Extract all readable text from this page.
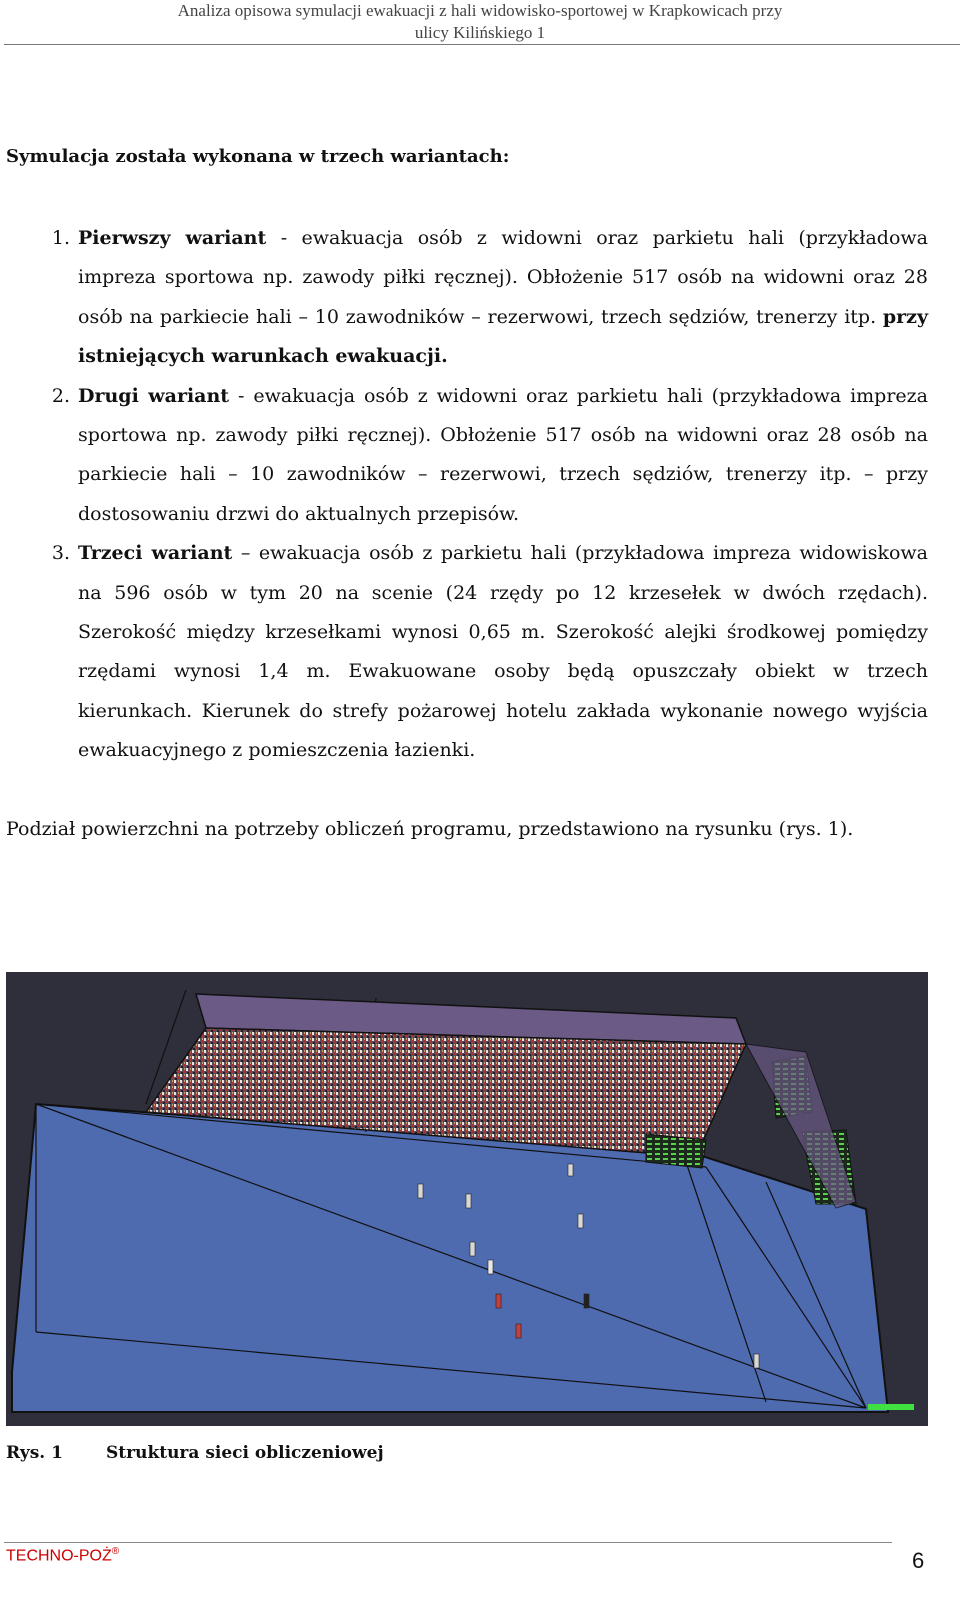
Analiza opisowa symulacji ewakuacji z hali widowisko-sportowej w Krapkowicach przy
ulicy Kilińskiego 1
Symulacja została wykonana w trzech wariantach:
1. Pierwszy wariant - ewakuacja osób z widowni oraz parkietu hali (przykładowa impreza sportowa np. zawody piłki ręcznej). Obłożenie 517 osób na widowni oraz 28 osób na parkiecie hali – 10 zawodników – rezerwowi, trzech sędziów, trenerzy itp. przy istniejących warunkach ewakuacji.
2. Drugi wariant - ewakuacja osób z widowni oraz parkietu hali (przykładowa impreza sportowa np. zawody piłki ręcznej). Obłożenie 517 osób na widowni oraz 28 osób na parkiecie hali – 10 zawodników – rezerwowi, trzech sędziów, trenerzy itp. – przy dostosowaniu drzwi do aktualnych przepisów.
3. Trzeci wariant – ewakuacja osób z parkietu hali (przykładowa impreza widowiskowa na 596 osób w tym 20 na scenie (24 rzędy po 12 krzesełek w dwóch rzędach). Szerokość między krzesełkami wynosi 0,65 m. Szerokość alejki środkowej pomiędzy rzędami wynosi 1,4 m. Ewakuowane osoby będą opuszczały obiekt w trzech kierunkach. Kierunek do strefy pożarowej hotelu zakłada wykonanie nowego wyjścia ewakuacyjnego z pomieszczenia łazienki.
Podział powierzchni na potrzeby obliczeń programu, przedstawiono na rysunku (rys. 1).
Rys. 1	Struktura sieci obliczeniowej
TECHNO-POŻ®	6
